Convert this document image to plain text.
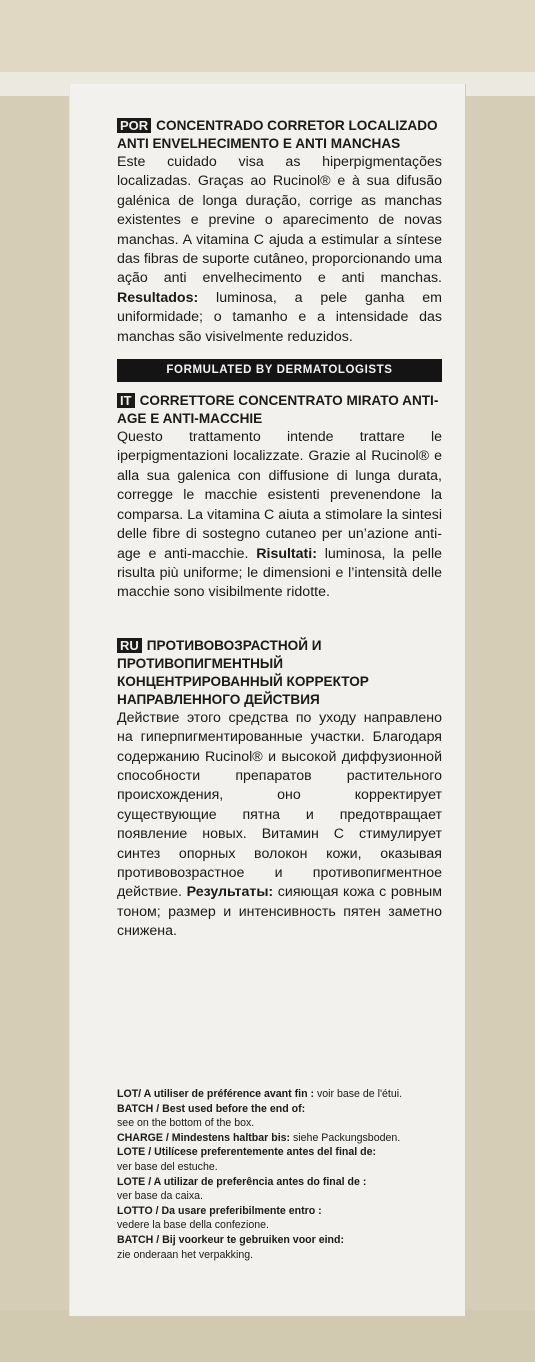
POR CONCENTRADO CORRETOR LOCALIZADO ANTI ENVELHECIMENTO E ANTI MANCHAS

Este cuidado visa as hiperpigmentações localizadas. Graças ao Rucinol® e à sua difusão galénica de longa duração, corrige as manchas existentes e previne o aparecimento de novas manchas. A vitamina C ajuda a estimular a síntese das fibras de suporte cutâneo, proporcionando uma ação anti envelhecimento e anti manchas. Resultados: luminosa, a pele ganha em uniformidade; o tamanho e a intensidade das manchas são visivelmente reduzidos.

FORMULATED BY DERMATOLOGISTS
IT CORRETTORE CONCENTRATO MIRATO ANTI-AGE E ANTI-MACCHIE

Questo trattamento intende trattare le iperpigmentazioni localizzate. Grazie al Rucinol® e alla sua galenica con diffusione di lunga durata, corregge le macchie esistenti prevenendone la comparsa. La vitamina C aiuta a stimolare la sintesi delle fibre di sostegno cutaneo per un’azione anti-age e anti-macchie. Risultati: luminosa, la pelle risulta più uniforme; le dimensioni e l’intensità delle macchie sono visibilmente ridotte.

RU ПРОТИВОВОЗРАСТНОЙ И ПРОТИВОПИГМЕНТНЫЙ КОНЦЕНТРИРОВАННЫЙ КОРРЕКТОР НАПРАВЛЕННОГО ДЕЙСТВИЯ

Действие этого средства по уходу направлено на гиперпигментированные участки. Благодаря содержанию Rucinol® и высокой диффузионной способности препаратов растительного происхождения, оно корректирует существующие пятна и предотвращает появление новых. Витамин С стимулирует синтез опорных волокон кожи, оказывая противовозрастное и противопигментное действие. Результаты: сияющая кожа с ровным тоном; размер и интенсивность пятен заметно снижена.

LOT/ A utiliser de préférence avant fin : voir base de l'étui.
BATCH / Best used before the end of:
see on the bottom of the box.
CHARGE / Mindestens haltbar bis: siehe Packungsboden.
LOTE / Utilícese preferentemente antes del final de:
ver base del estuche.
LOTE / A utilizar de preferência antes do final de :
ver base da caixa.
LOTTO / Da usare preferibilmente entro :
vedere la base della confezione.
BATCH / Bij voorkeur te gebruiken voor eind:
zie onderaan het verpakking.
